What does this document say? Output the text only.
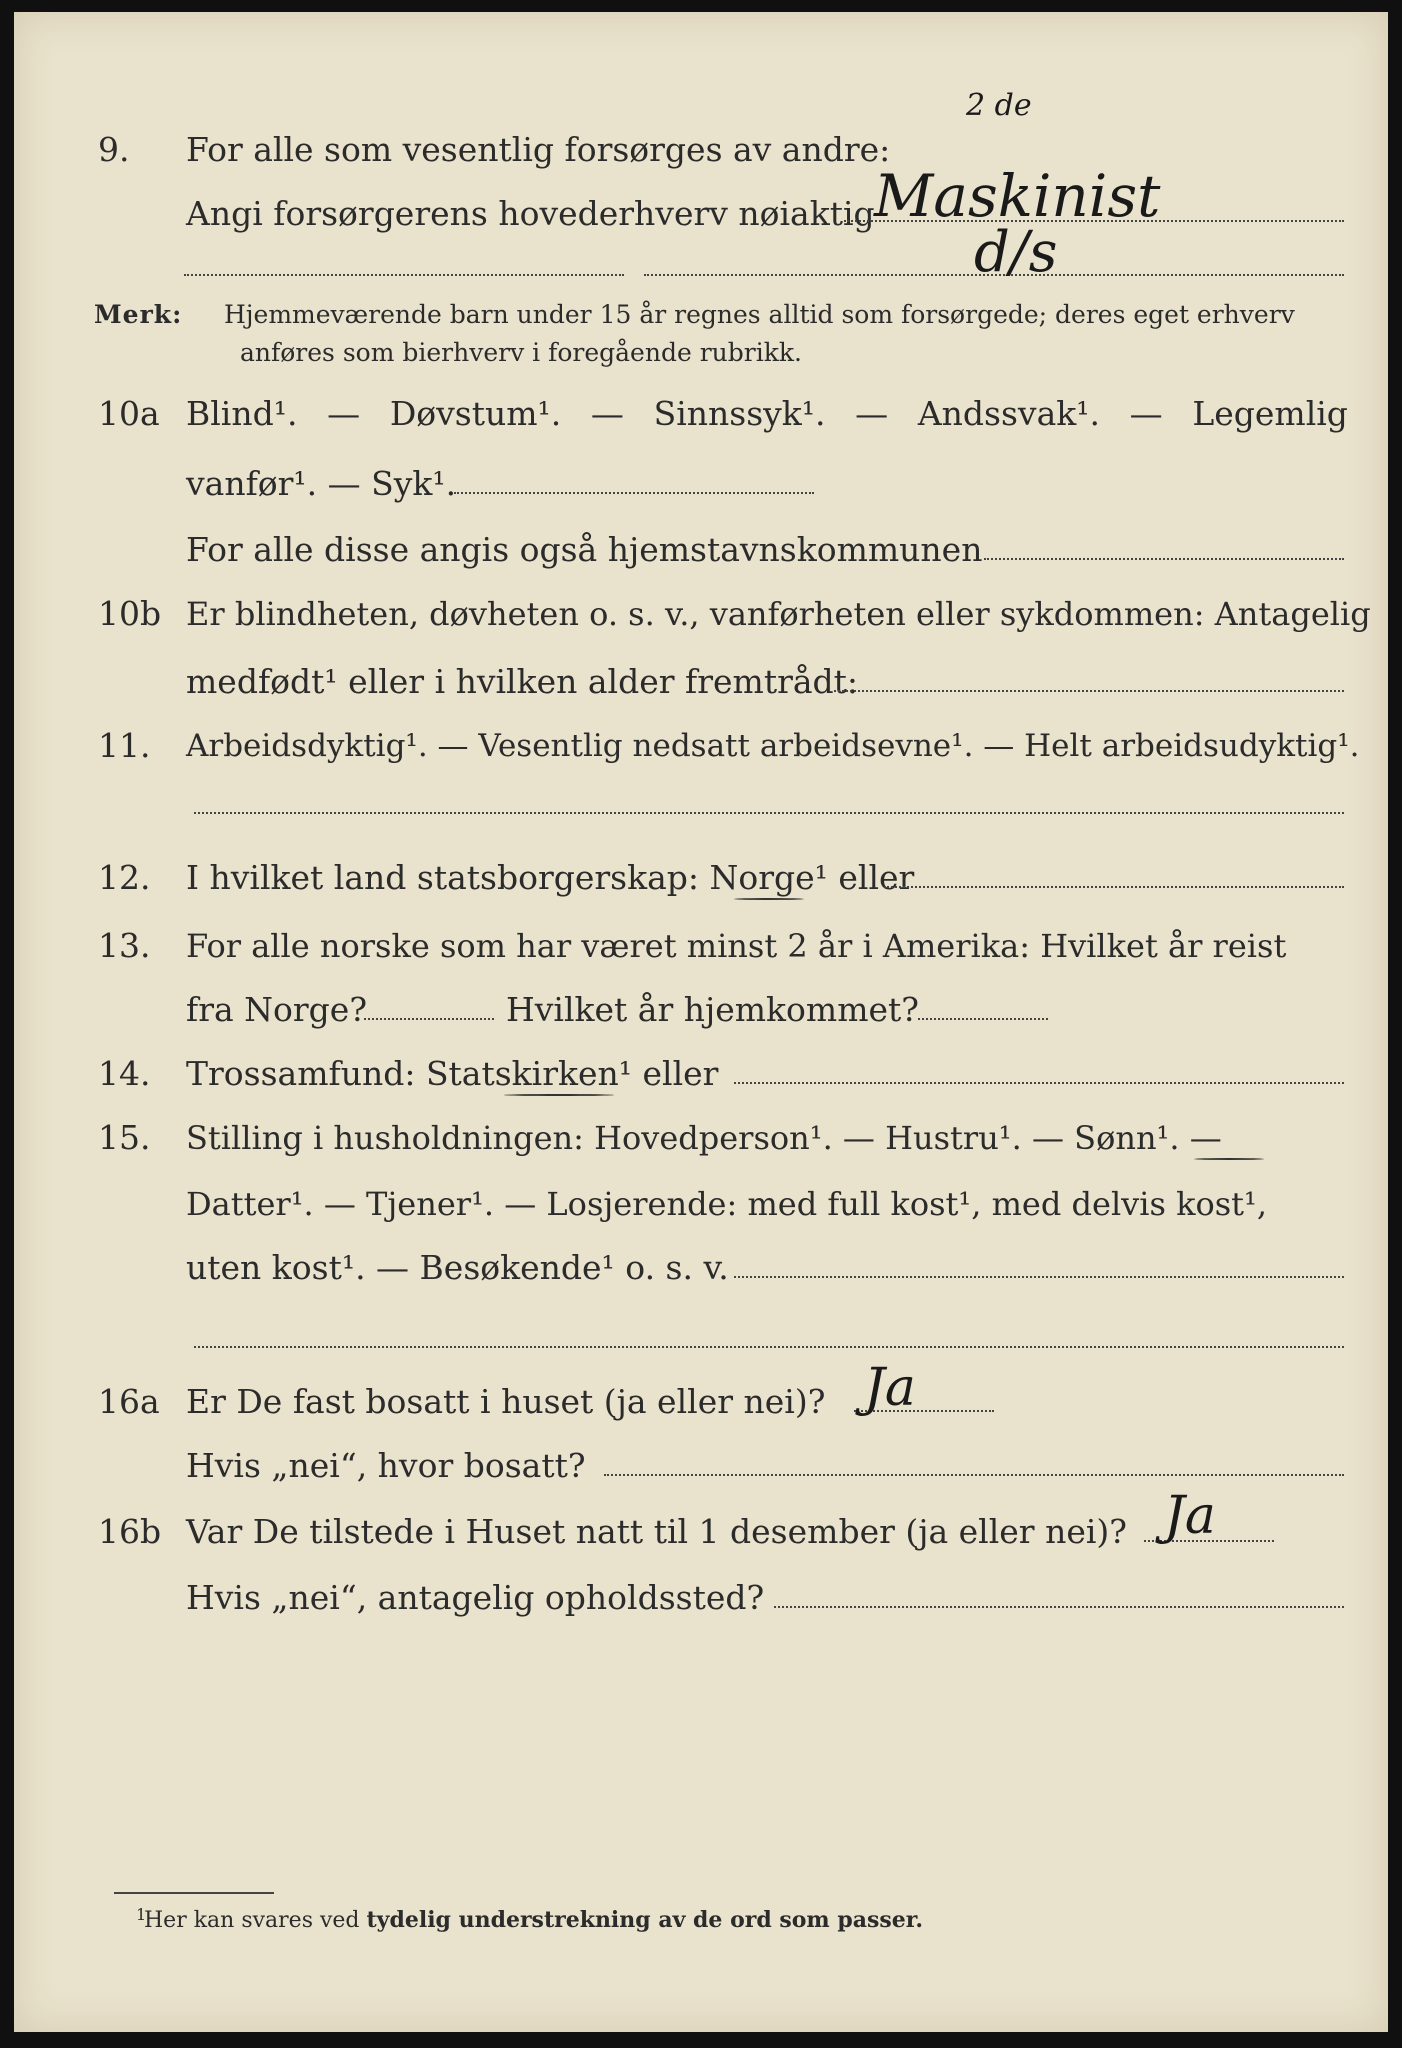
9.	For alle som vesentlig forsørges av andre:
2 de
Angi forsørgerens hovederhverv nøiaktig Maskinist
d/s
Merk: Hjemmeværende barn under 15 år regnes alltid som forsørgede; deres eget erhverv
anføres som bierhverv i foregående rubrikk.
10a Blind¹. — Døvstum¹. — Sinnssyk¹. — Andssvak¹. — Legemlig
vanfør¹. — Syk¹.
For alle disse angis også hjemstavnskommunen
10b Er blindheten, døvheten o. s. v., vanførheten eller sykdommen: Antagelig
medfødt¹ eller i hvilken alder fremtrådt:
11.	Arbeidsdyktig¹. — Vesentlig nedsatt arbeidsevne¹. — Helt arbeidsudyktig¹.
12.	I hvilket land statsborgerskap: Norge¹ eller
13.	For alle norske som har været minst 2 år i Amerika: Hvilket år reist
fra Norge?	Hvilket år hjemkommet?
14.	Trossamfund: Statskirken¹ eller
15.	Stilling i husholdningen: Hovedperson¹. — Hustru¹. — Sønn¹. —
Datter¹. — Tjener¹. — Losjerende: med full kost¹, med delvis kost¹,
uten kost¹. — Besøkende¹ o. s. v.
16a Er De fast bosatt i huset (ja eller nei)? Ja
Hvis „nei“, hvor bosatt?
16b Var De tilstede i Huset natt til 1 desember (ja eller nei)? Ja
Hvis „nei“, antagelig opholdssted?
1
Her kan svares ved tydelig understrekning av de ord som passer.
